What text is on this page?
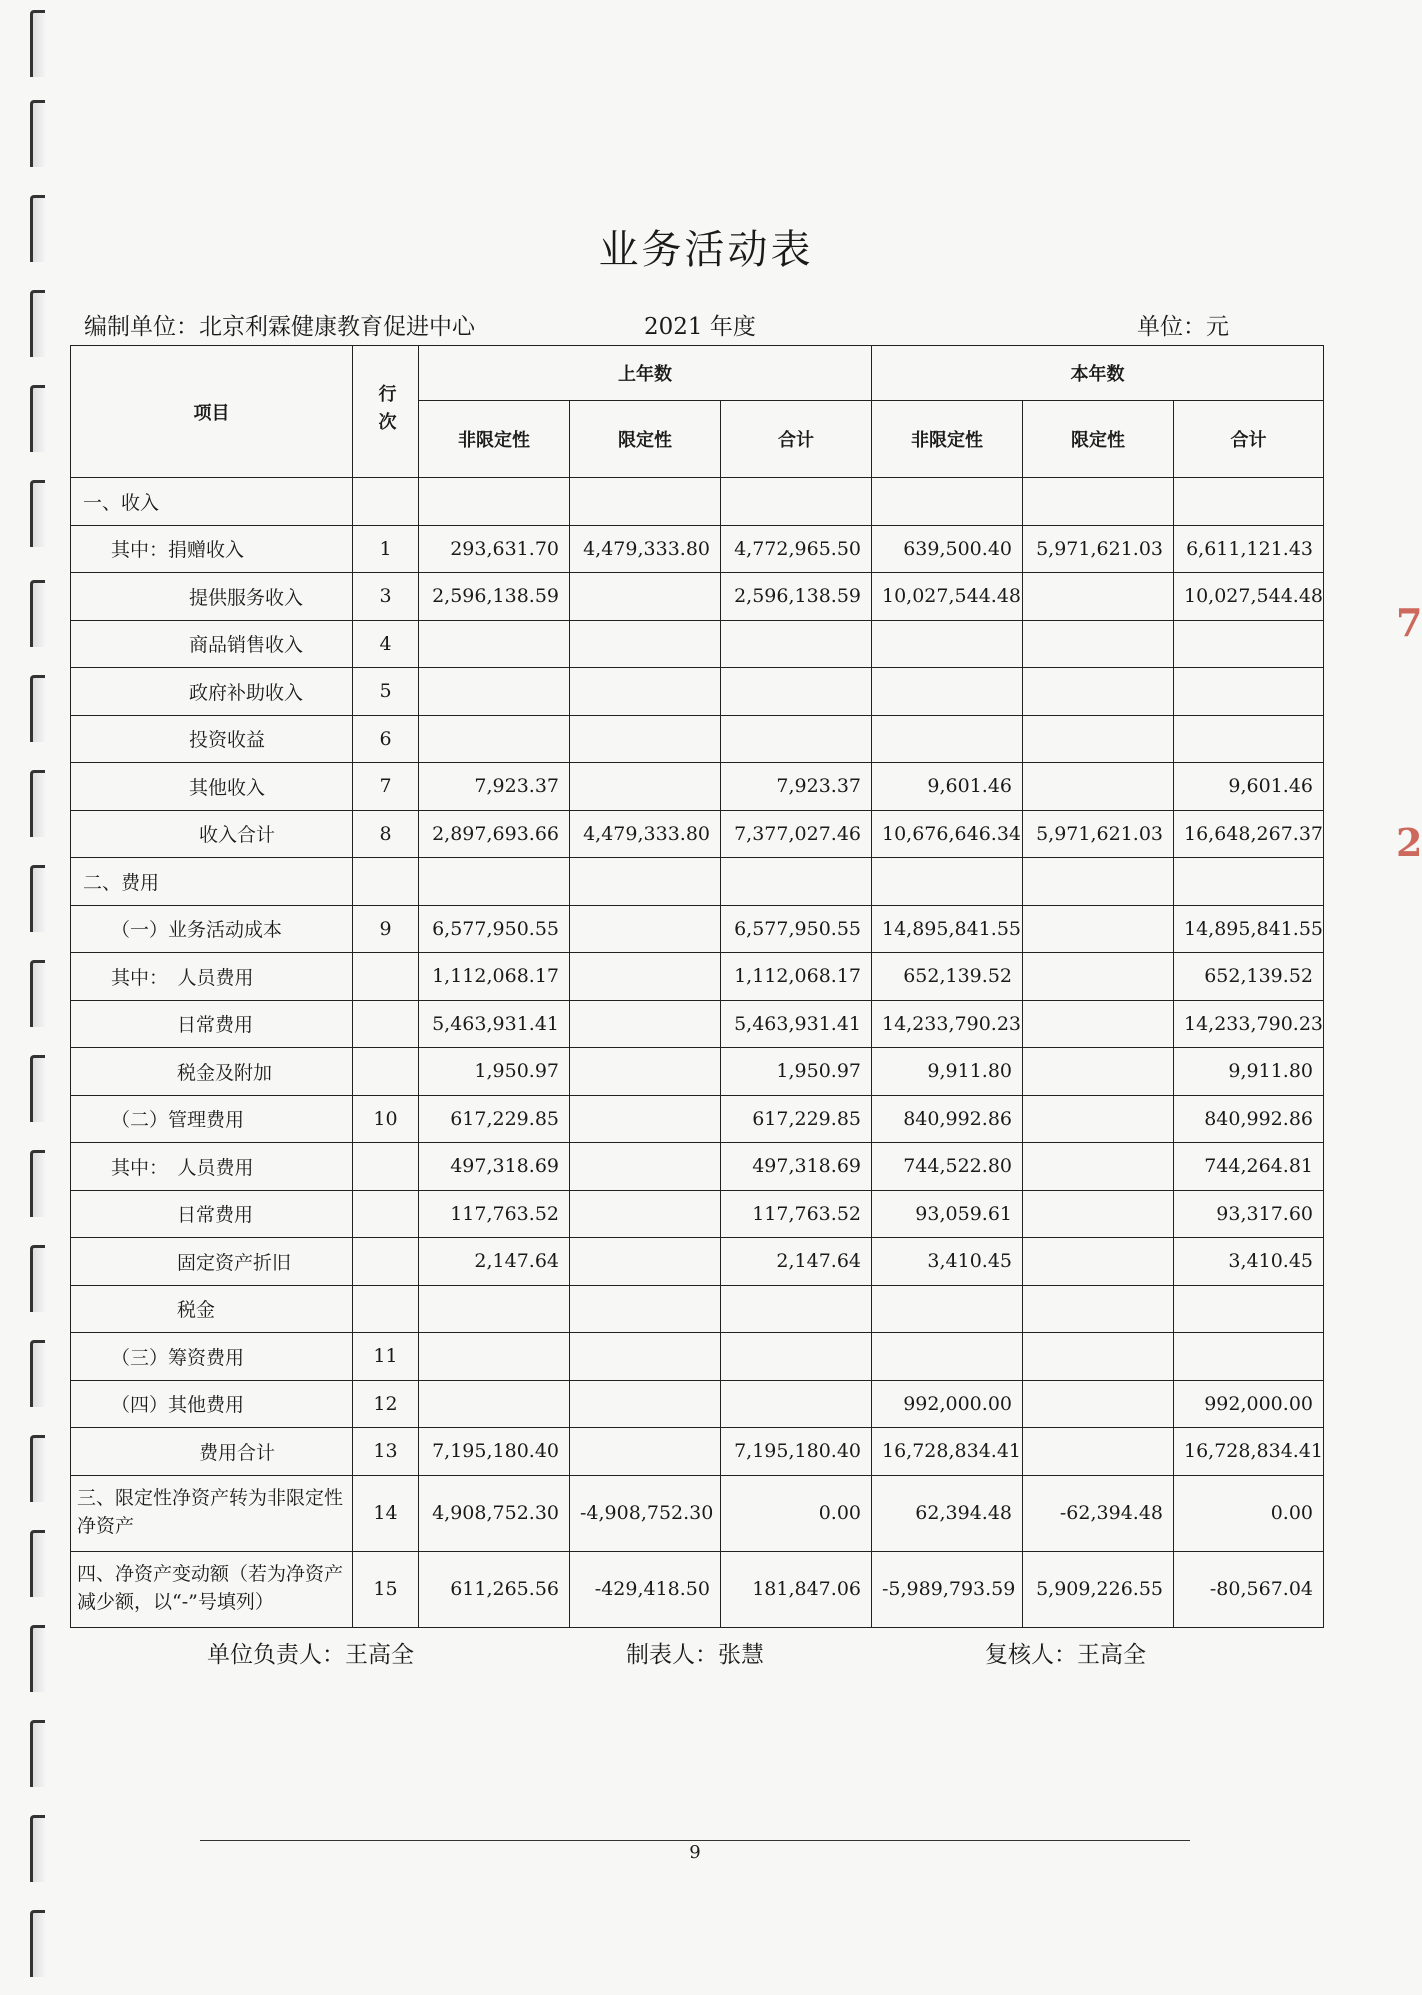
7
2
业务活动表
编制单位：北京利霖健康教育促进中心	2021 年度	单位：元
项目	行次	上年数			本年数		
		非限定性	限定性	合计	非限定性	限定性	合计
一、收入							
其中：捐赠收入	1	293,631.70	4,479,333.80	4,772,965.50	639,500.40	5,971,621.03	6,611,121.43
提供服务收入	3	2,596,138.59		2,596,138.59	10,027,544.48		10,027,544.48
商品销售收入	4						
政府补助收入	5						
投资收益	6						
其他收入	7	7,923.37		7,923.37	9,601.46		9,601.46
收入合计	8	2,897,693.66	4,479,333.80	7,377,027.46	10,676,646.34	5,971,621.03	16,648,267.37
二、费用							
（一）业务活动成本	9	6,577,950.55		6,577,950.55	14,895,841.55		14,895,841.55
其中：　人员费用		1,112,068.17		1,112,068.17	652,139.52		652,139.52
日常费用		5,463,931.41		5,463,931.41	14,233,790.23		14,233,790.23
税金及附加		1,950.97		1,950.97	9,911.80		9,911.80
（二）管理费用	10	617,229.85		617,229.85	840,992.86		840,992.86
其中：　人员费用		497,318.69		497,318.69	744,522.80		744,264.81
日常费用		117,763.52		117,763.52	93,059.61		93,317.60
固定资产折旧		2,147.64		2,147.64	3,410.45		3,410.45
税金							
（三）筹资费用	11						
（四）其他费用	12				992,000.00		992,000.00
费用合计	13	7,195,180.40		7,195,180.40	16,728,834.41		16,728,834.41
三、限定性净资产转为非限定性净资产	14	4,908,752.30	-4,908,752.30	0.00	62,394.48	-62,394.48	0.00
四、净资产变动额（若为净资产减少额，以“-”号填列）	15	611,265.56	-429,418.50	181,847.06	-5,989,793.59	5,909,226.55	-80,567.04
单位负责人：王高全	制表人：张慧	复核人：王高全
9
